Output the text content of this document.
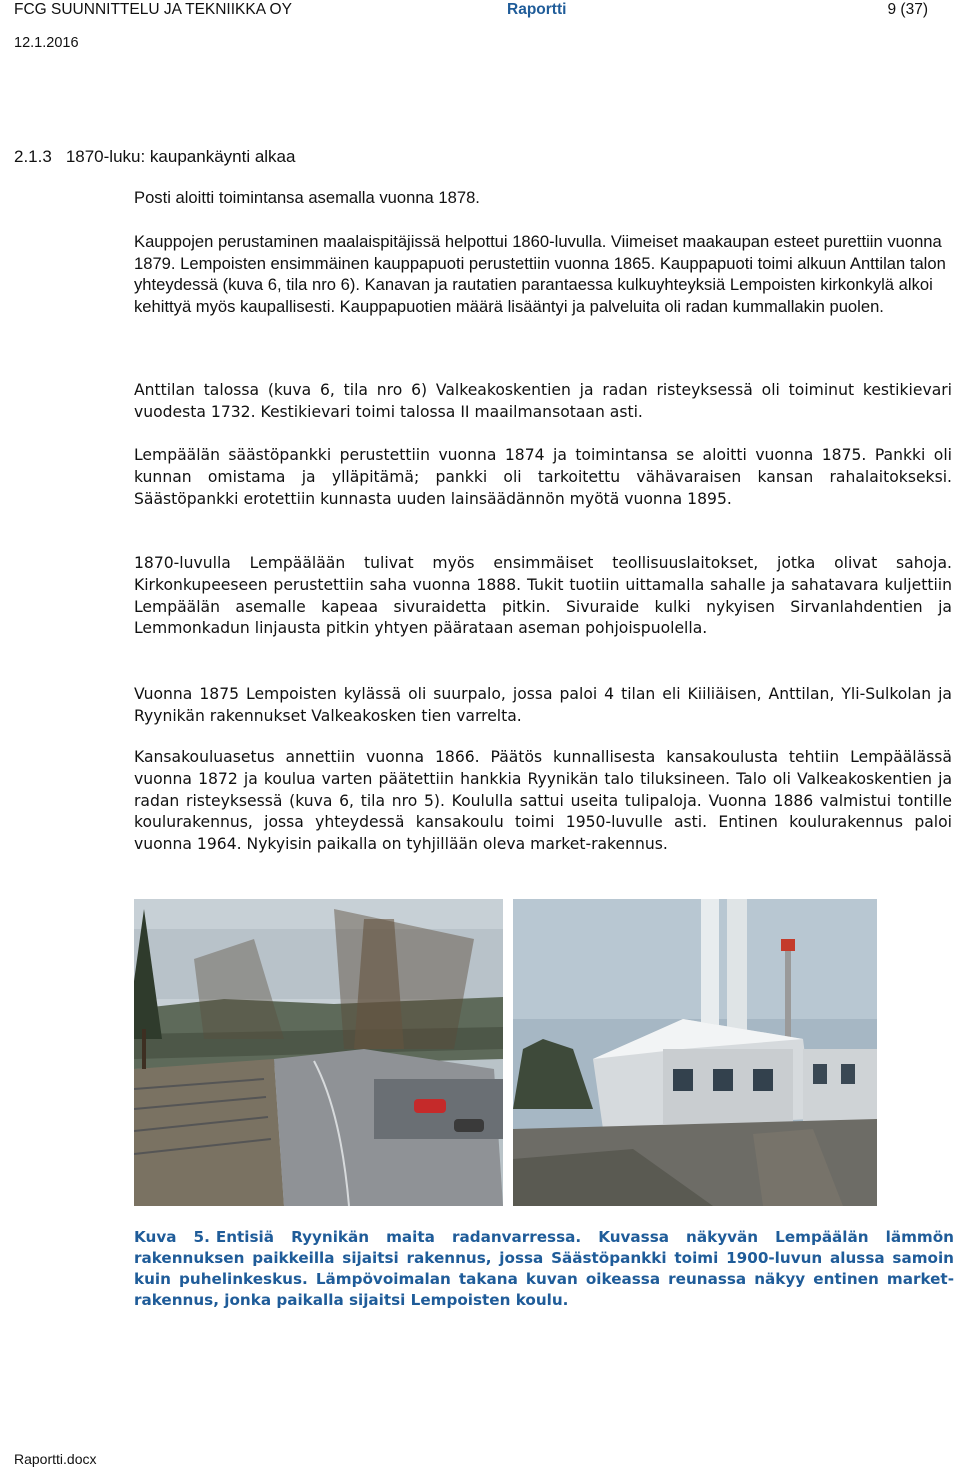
FCG SUUNNITTELU JA TEKNIIKKA OY	Raportti	9 (37)
12.1.2016
2.1.3 1870-luku: kaupankäynti alkaa
Posti aloitti toimintansa asemalla vuonna 1878.
Kauppojen perustaminen maalaispitäjissä helpottui 1860-luvulla. Viimeiset maakaupan esteet purettiin vuonna 1879. Lempoisten ensimmäinen kauppapuoti perustettiin vuonna 1865. Kauppapuoti toimi alkuun Anttilan talon yhteydessä (kuva 6, tila nro 6). Kanavan ja rautatien parantaessa kulkuyhteyksiä Lempoisten kirkonkylä alkoi kehittyä myös kaupallisesti. Kauppapuotien määrä lisääntyi ja palveluita oli radan kummallakin puolen.
Anttilan talossa (kuva 6, tila nro 6) Valkeakoskentien ja radan risteyksessä oli toiminut kestikievari vuodesta 1732. Kestikievari toimi talossa II maailmansotaan asti.
Lempäälän säästöpankki perustettiin vuonna 1874 ja toimintansa se aloitti vuonna 1875. Pankki oli kunnan omistama ja ylläpitämä; pankki oli tarkoitettu vähävaraisen kansan rahalaitokseksi. Säästöpankki erotettiin kunnasta uuden lainsäädännön myötä vuonna 1895.
1870-luvulla Lempäälään tulivat myös ensimmäiset teollisuuslaitokset, jotka olivat sahoja. Kirkonkupeeseen perustettiin saha vuonna 1888. Tukit tuotiin uittamalla sahalle ja sahatavara kuljettiin Lempäälän asemalle kapeaa sivuraidetta pitkin. Sivuraide kulki nykyisen Sirvanlahdentien ja Lemmonkadun linjausta pitkin yhtyen päärataan aseman pohjoispuolella.
Vuonna 1875 Lempoisten kylässä oli suurpalo, jossa paloi 4 tilan eli Kiiliäisen, Anttilan, Yli-Sulkolan ja Ryynikän rakennukset Valkeakosken tien varrelta.
Kansakouluasetus annettiin vuonna 1866. Päätös kunnallisesta kansakoulusta tehtiin Lempäälässä vuonna 1872 ja koulua varten päätettiin hankkia Ryynikän talo tiluksineen. Talo oli Valkeakoskentien ja radan risteyksessä (kuva 6, tila nro 5). Koululla sattui useita tulipaloja. Vuonna 1886 valmistui tontille koulurakennus, jossa yhteydessä kansakoulu toimi 1950-luvulle asti. Entinen koulurakennus paloi vuonna 1964. Nykyisin paikalla on tyhjillään oleva market-rakennus.
Kuva 5. Entisiä Ryynikän maita radanvarressa. Kuvassa näkyvän Lempäälän lämmön rakennuksen paikkeilla sijaitsi rakennus, jossa Säästöpankki toimi 1900-luvun alussa samoin kuin puhelinkeskus. Lämpövoimalan takana kuvan oikeassa reunassa näkyy entinen market-rakennus, jonka paikalla sijaitsi Lempoisten koulu.
Raportti.docx
